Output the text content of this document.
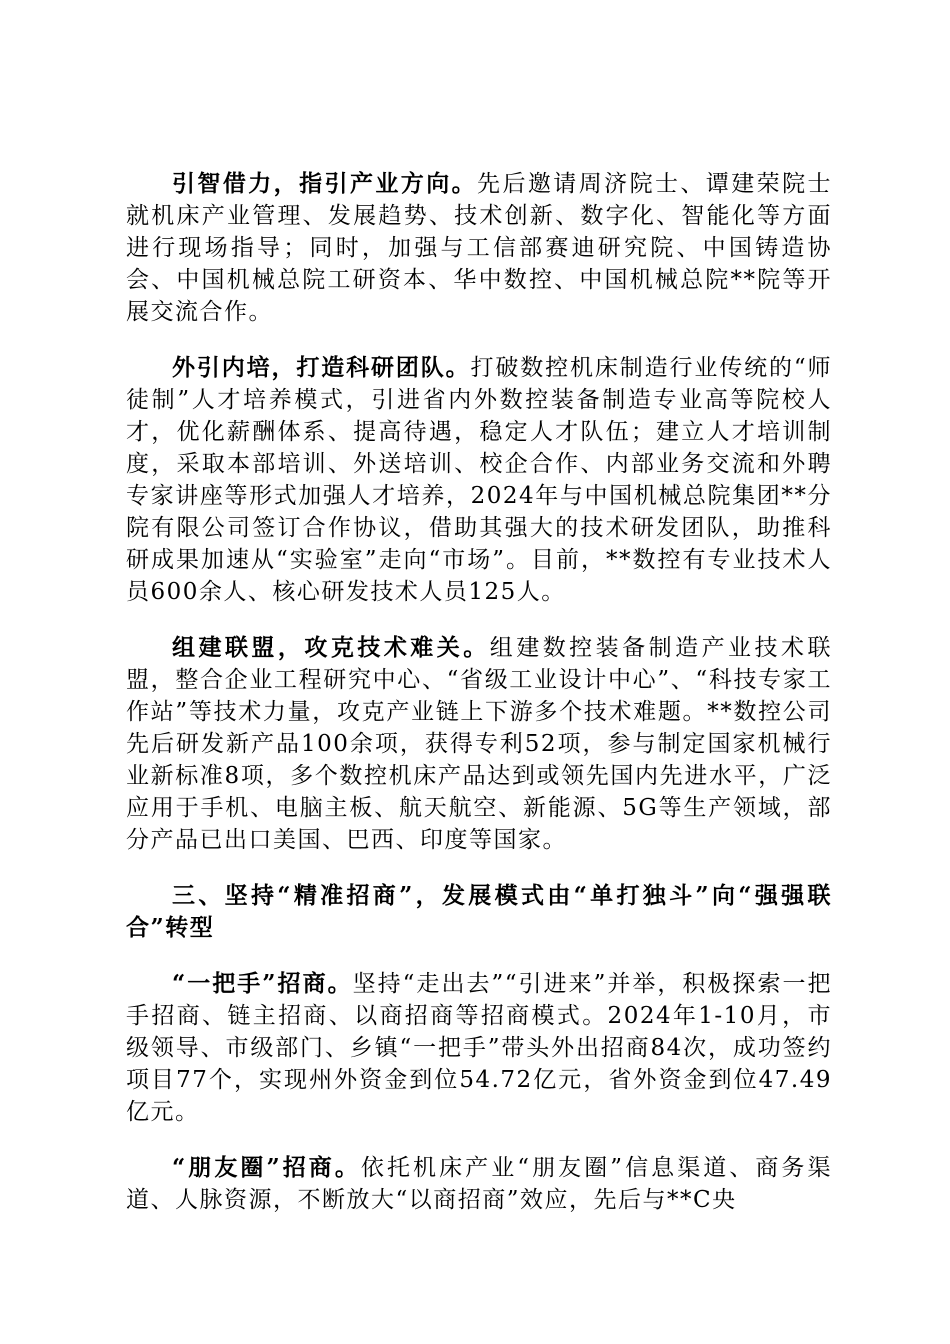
引智借力，指引产业方向。先后邀请周济院士、谭建荣院士就机床产业管理、发展趋势、技术创新、数字化、智能化等方面进行现场指导；同时，加强与工信部赛迪研究院、中国铸造协会、中国机械总院工研资本、华中数控、中国机械总院**院等开展交流合作。

外引内培，打造科研团队。打破数控机床制造行业传统的“师徒制”人才培养模式，引进省内外数控装备制造专业高等院校人才，优化薪酬体系、提高待遇，稳定人才队伍；建立人才培训制度，采取本部培训、外送培训、校企合作、内部业务交流和外聘专家讲座等形式加强人才培养，2024年与中国机械总院集团**分院有限公司签订合作协议，借助其强大的技术研发团队，助推科研成果加速从“实验室”走向“市场”。目前，**数控有专业技术人员600余人、核心研发技术人员125人。

组建联盟，攻克技术难关。组建数控装备制造产业技术联盟，整合企业工程研究中心、“省级工业设计中心”、“科技专家工作站”等技术力量，攻克产业链上下游多个技术难题。**数控公司先后研发新产品100余项，获得专利52项，参与制定国家机械行业新标准8项，多个数控机床产品达到或领先国内先进水平，广泛应用于手机、电脑主板、航天航空、新能源、5G等生产领域，部分产品已出口美国、巴西、印度等国家。

三、坚持“精准招商”，发展模式由“单打独斗”向“强强联合”转型

“一把手”招商。坚持“走出去”“引进来”并举，积极探索一把手招商、链主招商、以商招商等招商模式。2024年1-10月，市级领导、市级部门、乡镇“一把手”带头外出招商84次，成功签约项目77个，实现州外资金到位54.72亿元，省外资金到位47.49亿元。

“朋友圈”招商。依托机床产业“朋友圈”信息渠道、商务渠道、人脉资源，不断放大“以商招商”效应，先后与**C央
